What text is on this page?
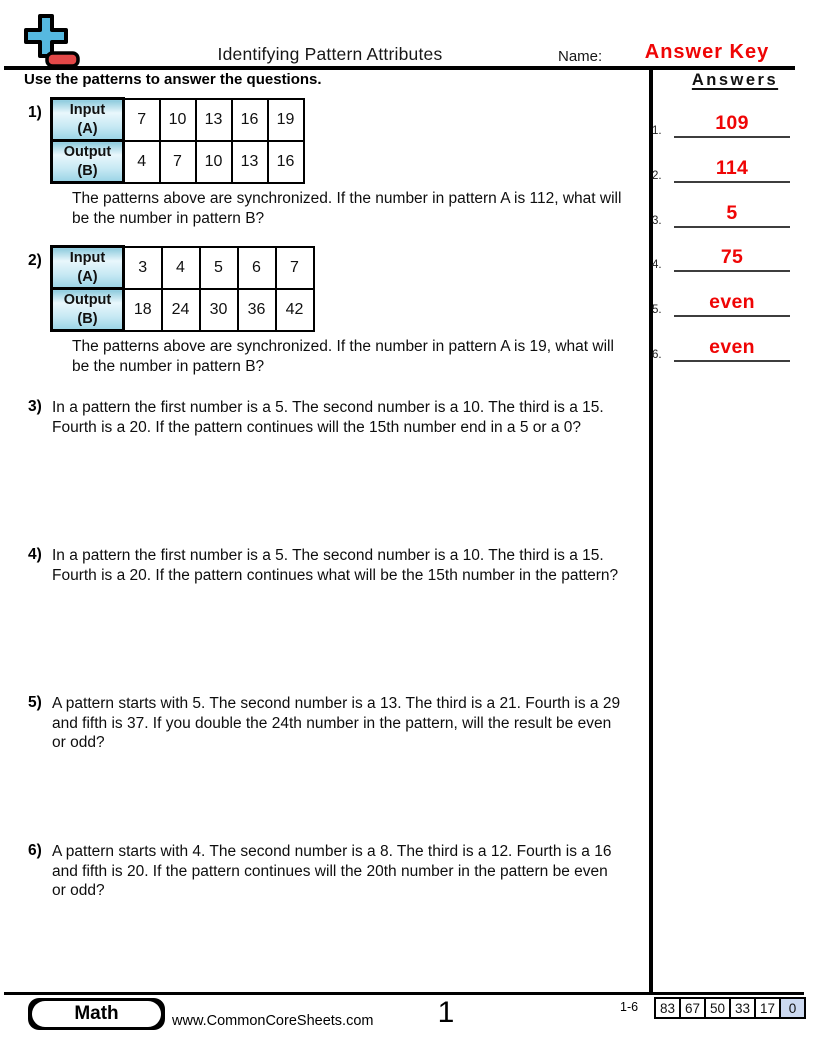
Identifying Pattern Attributes	Name:	Answer Key
Use the patterns to answer the questions.	Answers
1.	109
2.	114
3.	5
4.	75
5.	even
6.	even
1)	Input
(A)	7	10	13	16	19

Output
(B)	4	7	10	13	16
The patterns above are synchronized. If the number in pattern A is 112, what will
be the number in pattern B?
2)	Input
(A)	3	4	5	6	7

Output
(B)	18	24	30	36	42
The patterns above are synchronized. If the number in pattern A is 19, what will
be the number in pattern B?
3) In a pattern the first number is a 5. The second number is a 10. The third is a 15.
Fourth is a 20. If the pattern continues will the 15th number end in a 5 or a 0?
4) In a pattern the first number is a 5. The second number is a 10. The third is a 15.
Fourth is a 20. If the pattern continues what will be the 15th number in the pattern?
5) A pattern starts with 5. The second number is a 13. The third is a 21. Fourth is a 29
and fifth is 37. If you double the 24th number in the pattern, will the result be even
or odd?
6) A pattern starts with 4. The second number is a 8. The third is a 12. Fourth is a 16
and fifth is 20. If the pattern continues will the 20th number in the pattern be even
or odd?
Math	www.CommonCoreSheets.com	1	1-6	83 67 50 33 17	0
